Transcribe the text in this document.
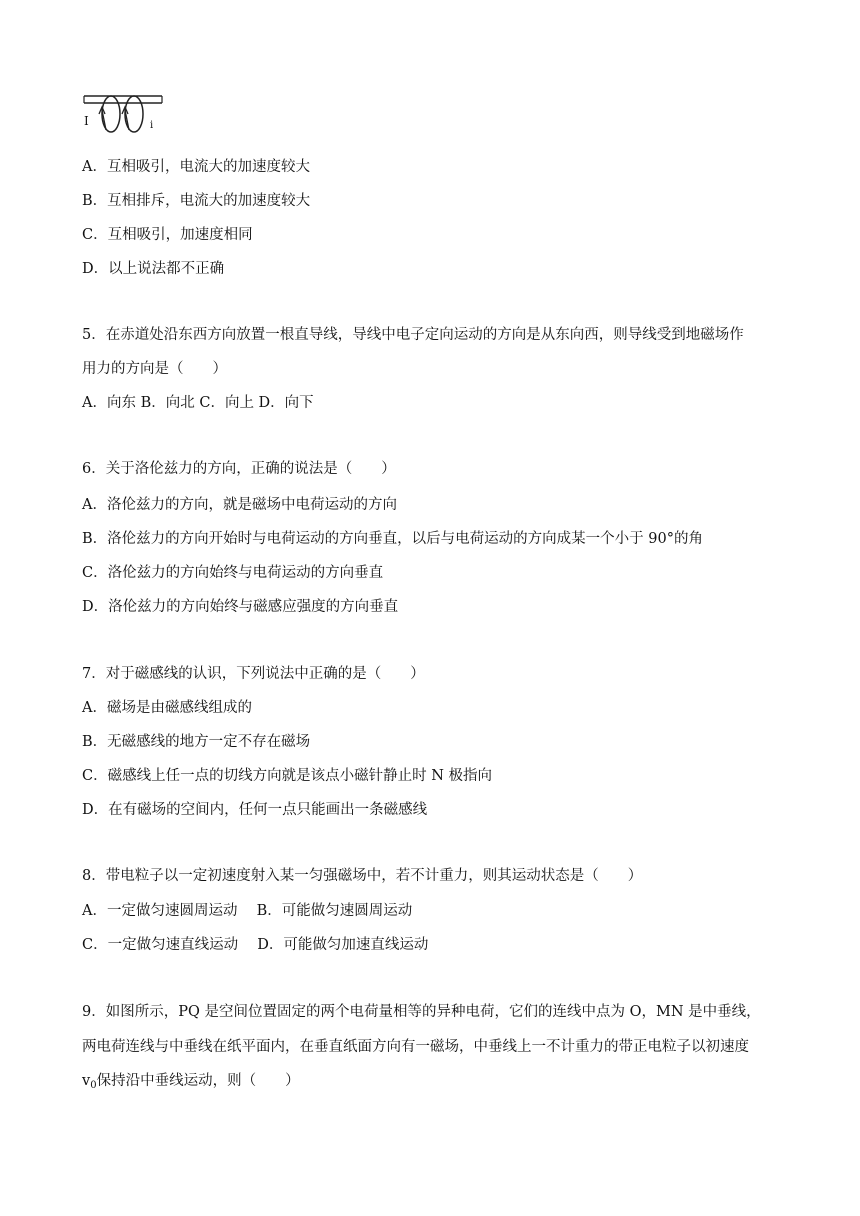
I	i
A．互相吸引，电流大的加速度较大
B．互相排斥，电流大的加速度较大
C．互相吸引，加速度相同
D．以上说法都不正确
5．在赤道处沿东西方向放置一根直导线，导线中电子定向运动的方向是从东向西，则导线受到地磁场作
用力的方向是（　　）
A．向东 B．向北 C．向上 D．向下
6．关于洛伦兹力的方向，正确的说法是（　　）
A．洛伦兹力的方向，就是磁场中电荷运动的方向
B．洛伦兹力的方向开始时与电荷运动的方向垂直，以后与电荷运动的方向成某一个小于 90°的角
C．洛伦兹力的方向始终与电荷运动的方向垂直
D．洛伦兹力的方向始终与磁感应强度的方向垂直
7．对于磁感线的认识，下列说法中正确的是（　　）
A．磁场是由磁感线组成的
B．无磁感线的地方一定不存在磁场
C．磁感线上任一点的切线方向就是该点小磁针静止时 N 极指向
D．在有磁场的空间内，任何一点只能画出一条磁感线
8．带电粒子以一定初速度射入某一匀强磁场中，若不计重力，则其运动状态是（　　）
A．一定做匀速圆周运动　 B．可能做匀速圆周运动
C．一定做匀速直线运动　 D．可能做匀加速直线运动
9．如图所示，PQ 是空间位置固定的两个电荷量相等的异种电荷，它们的连线中点为 O，MN 是中垂线，
两电荷连线与中垂线在纸平面内，在垂直纸面方向有一磁场，中垂线上一不计重力的带正电粒子以初速度
$v_0$保持沿中垂线运动，则（　　）
